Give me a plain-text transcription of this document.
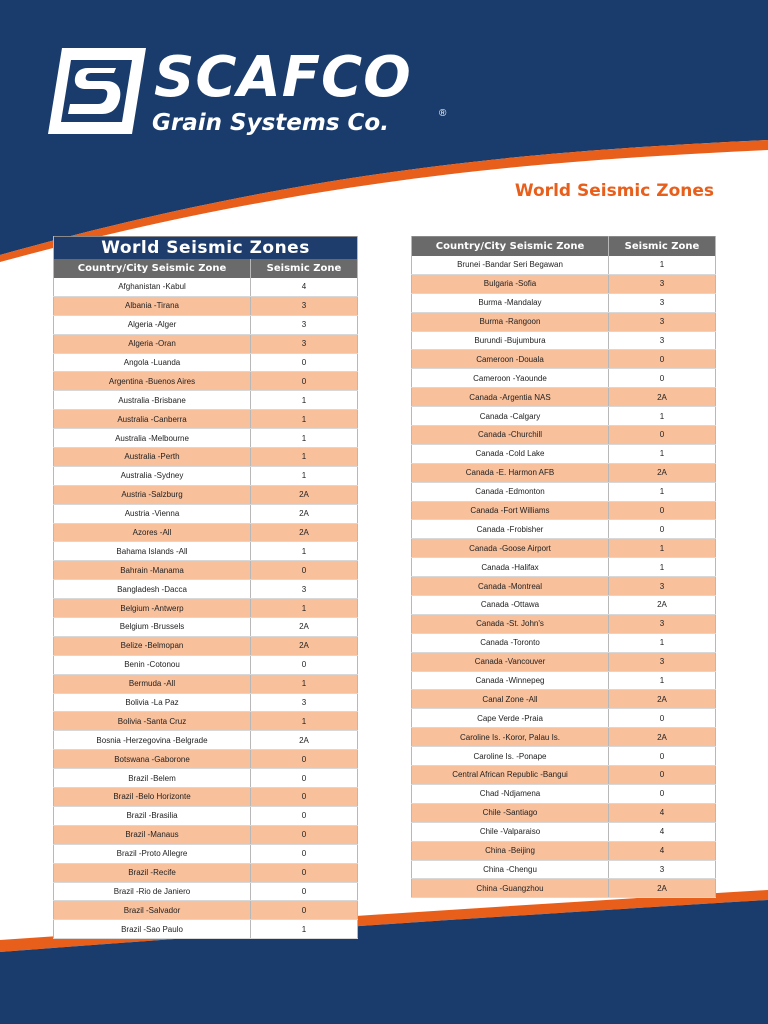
SCAFCO
®
Grain Systems Co.
World Seismic Zones
World Seismic Zones	
Country/City Seismic Zone	Seismic Zone
Afghanistan -Kabul	4
Albania -Tirana	3
Algeria -Alger	3
Algeria -Oran	3
Angola -Luanda	0
Argentina -Buenos Aires	0
Australia -Brisbane	1
Australia -Canberra	1
Australia -Melbourne	1
Australia -Perth	1
Australia -Sydney	1
Austria -Salzburg	2A
Austria -Vienna	2A
Azores -All	2A
Bahama Islands -All	1
Bahrain -Manama	0
Bangladesh -Dacca	3
Belgium -Antwerp	1
Belgium -Brussels	2A
Belize -Belmopan	2A
Benin -Cotonou	0
Bermuda -All	1
Bolivia -La Paz	3
Bolivia -Santa Cruz	1
Bosnia -Herzegovina -Belgrade	2A
Botswana -Gaborone	0
Brazil -Belem	0
Brazil -Belo Horizonte	0
Brazil -Brasilia	0
Brazil -Manaus	0
Brazil -Proto Allegre	0
Brazil -Recife	0
Brazil -Rio de Janiero	0
Brazil -Salvador	0
Brazil -Sao Paulo	1
Country/City Seismic Zone	Seismic Zone
Brunei -Bandar Seri Begawan	1
Bulgaria -Sofia	3
Burma -Mandalay	3
Burma -Rangoon	3
Burundi -Bujumbura	3
Cameroon -Douala	0
Cameroon -Yaounde	0
Canada -Argentia NAS	2A
Canada -Calgary	1
Canada -Churchill	0
Canada -Cold Lake	1
Canada -E. Harmon AFB	2A
Canada -Edmonton	1
Canada -Fort Williams	0
Canada -Frobisher	0
Canada -Goose Airport	1
Canada -Halifax	1
Canada -Montreal	3
Canada -Ottawa	2A
Canada -St. John's	3
Canada -Toronto	1
Canada -Vancouver	3
Canada -Winnepeg	1
Canal Zone -All	2A
Cape Verde -Praia	0
Caroline Is. -Koror, Palau Is.	2A
Caroline Is. -Ponape	0
Central African Republic -Bangui	0
Chad -Ndjamena	0
Chile -Santiago	4
Chile -Valparaiso	4
China -Beijing	4
China -Chengu	3
China -Guangzhou	2A
